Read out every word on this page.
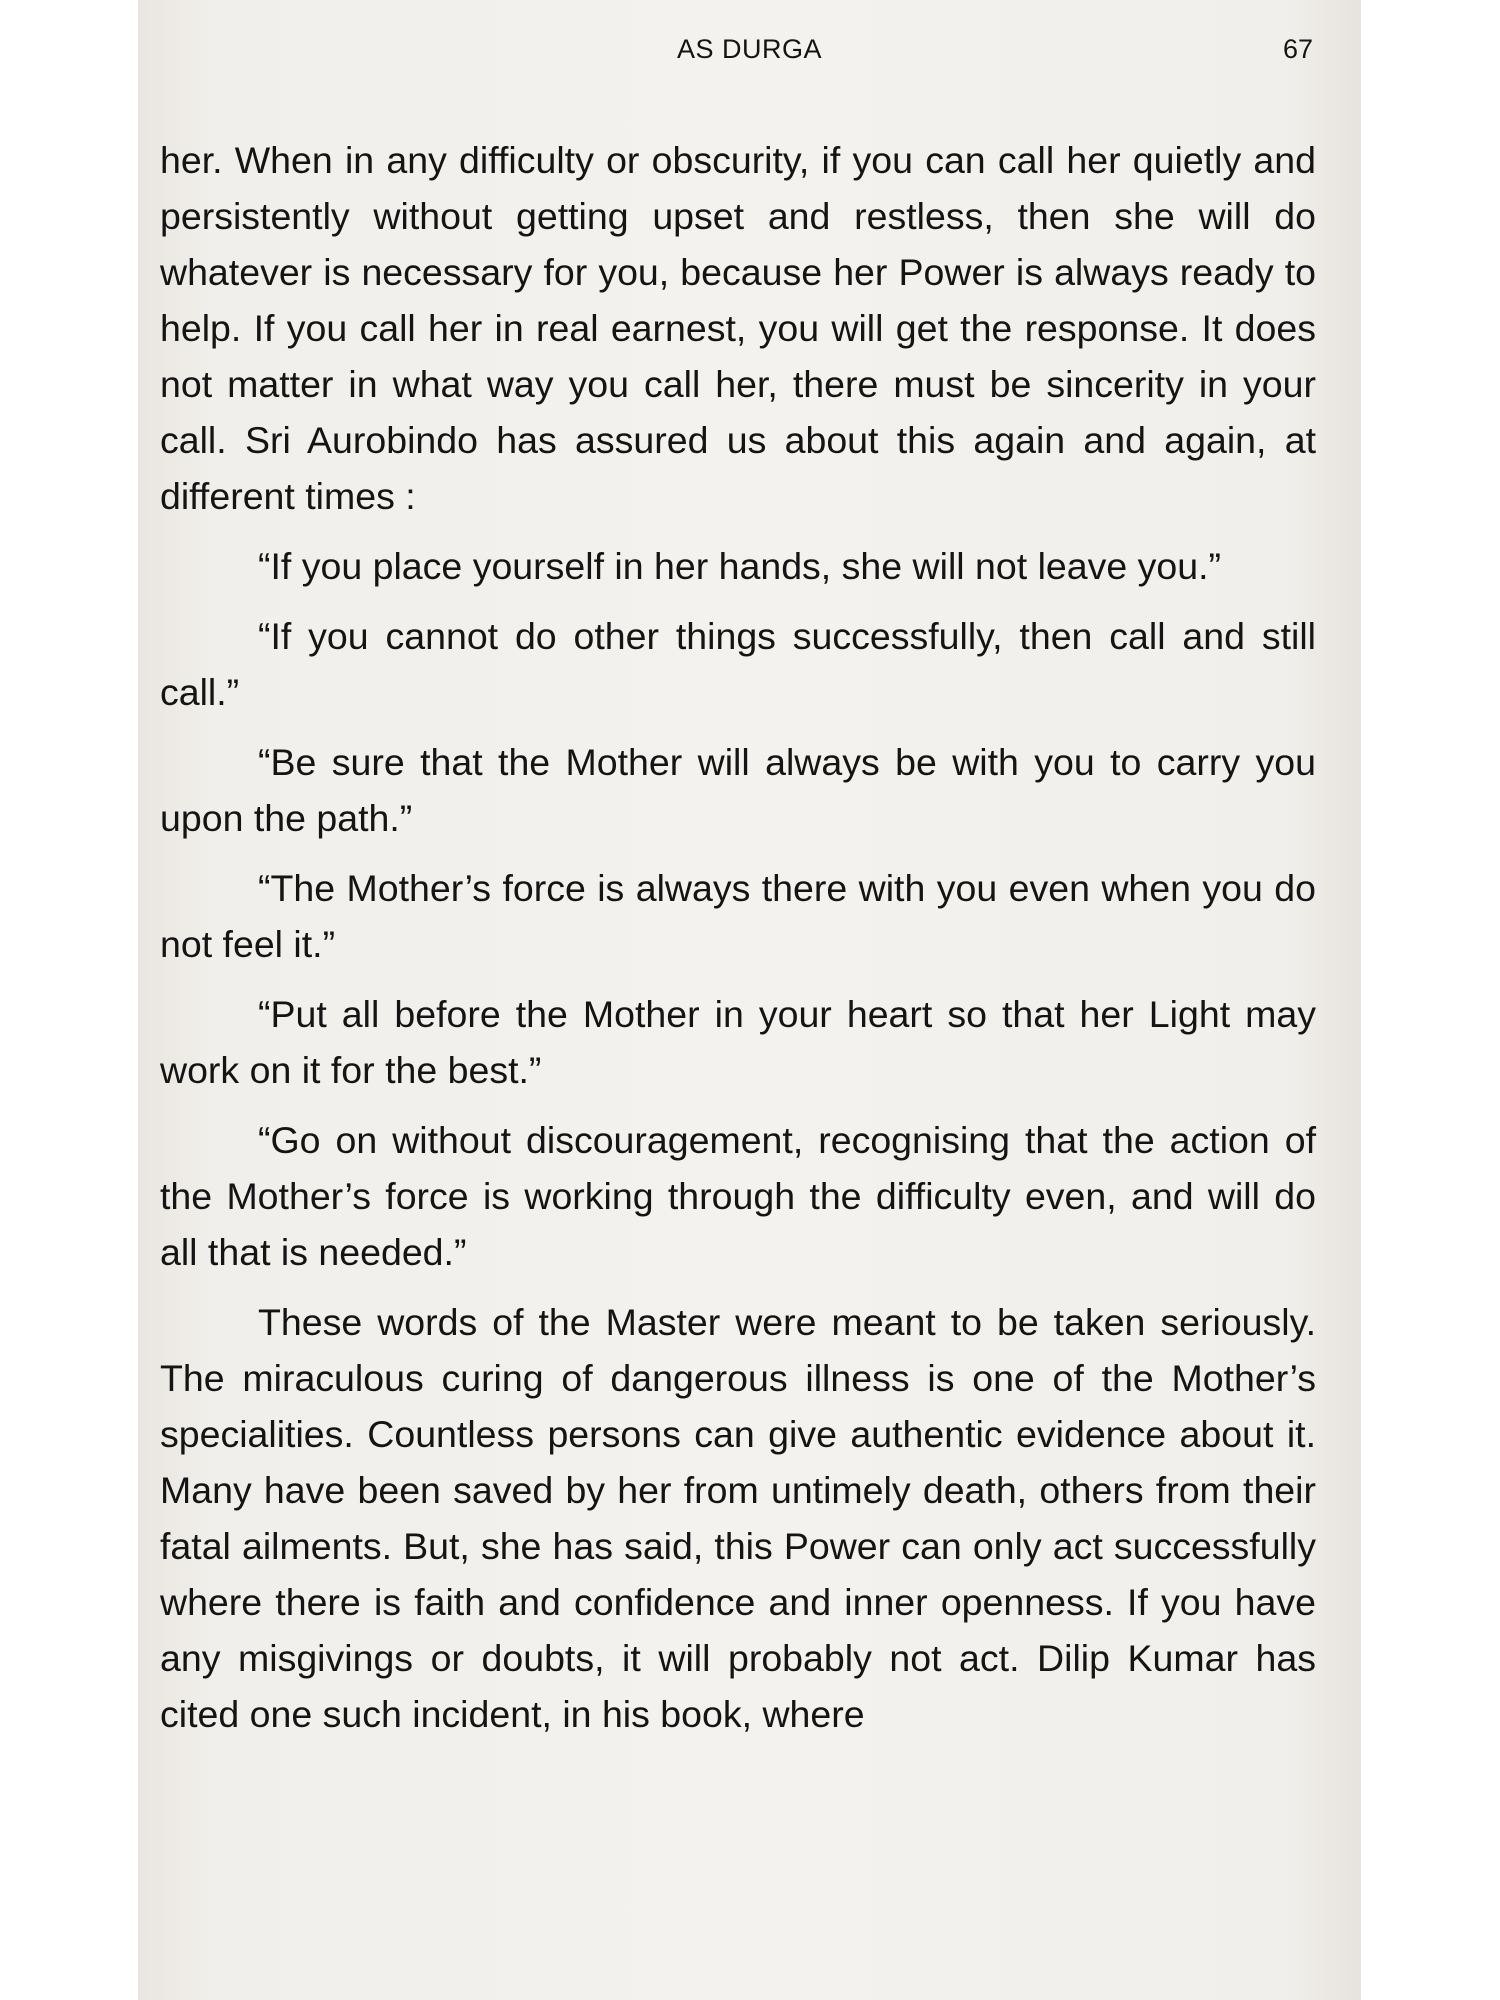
AS DURGA	67

her. When in any difficulty or obscurity, if you can call her quietly and persistently without getting upset and restless, then she will do whatever is necessary for you, because her Power is always ready to help. If you call her in real earnest, you will get the response. It does not matter in what way you call her, there must be sincerity in your call. Sri Aurobindo has assured us about this again and again, at different times :

“If you place yourself in her hands, she will not leave you.”

“If you cannot do other things successfully, then call and still call.”

“Be sure that the Mother will always be with you to carry you upon the path.”

“The Mother’s force is always there with you even when you do not feel it.”

“Put all before the Mother in your heart so that her Light may work on it for the best.”

“Go on without discouragement, recognising that the action of the Mother’s force is working through the difficulty even, and will do all that is needed.”

These words of the Master were meant to be taken seriously. The miraculous curing of dangerous illness is one of the Mother’s specialities. Countless persons can give authentic evidence about it. Many have been saved by her from untimely death, others from their fatal ailments. But, she has said, this Power can only act successfully where there is faith and confidence and inner openness. If you have any misgivings or doubts, it will probably not act. Dilip Kumar has cited one such incident, in his book, where
